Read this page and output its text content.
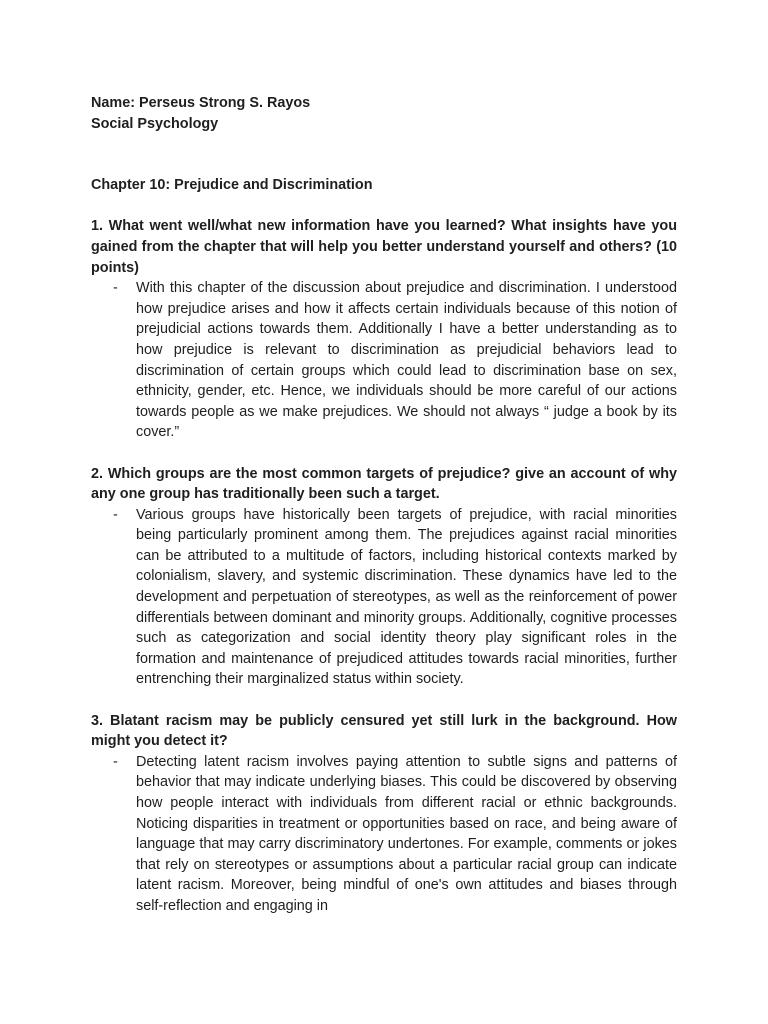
Name: Perseus Strong S. Rayos

Social Psychology

Chapter 10: Prejudice and Discrimination

1. What went well/what new information have you learned? What insights have you gained from the chapter that will help you better understand yourself and others? (10 points)

- With this chapter of the discussion about prejudice and discrimination. I understood how prejudice arises and how it affects certain individuals because of this notion of prejudicial actions towards them. Additionally I have a better understanding as to how prejudice is relevant to discrimination as prejudicial behaviors lead to discrimination of certain groups which could lead to discrimination base on sex, ethnicity, gender, etc. Hence, we individuals should be more careful of our actions towards people as we make prejudices. We should not always “ judge a book by its cover.”

2. Which groups are the most common targets of prejudice? give an account of why any one group has traditionally been such a target.

- Various groups have historically been targets of prejudice, with racial minorities being particularly prominent among them. The prejudices against racial minorities can be attributed to a multitude of factors, including historical contexts marked by colonialism, slavery, and systemic discrimination. These dynamics have led to the development and perpetuation of stereotypes, as well as the reinforcement of power differentials between dominant and minority groups. Additionally, cognitive processes such as categorization and social identity theory play significant roles in the formation and maintenance of prejudiced attitudes towards racial minorities, further entrenching their marginalized status within society.

3. Blatant racism may be publicly censured yet still lurk in the background. How might you detect it?

- Detecting latent racism involves paying attention to subtle signs and patterns of behavior that may indicate underlying biases. This could be discovered by observing how people interact with individuals from different racial or ethnic backgrounds. Noticing disparities in treatment or opportunities based on race, and being aware of language that may carry discriminatory undertones. For example, comments or jokes that rely on stereotypes or assumptions about a particular racial group can indicate latent racism. Moreover, being mindful of one's own attitudes and biases through self-reflection and engaging in
